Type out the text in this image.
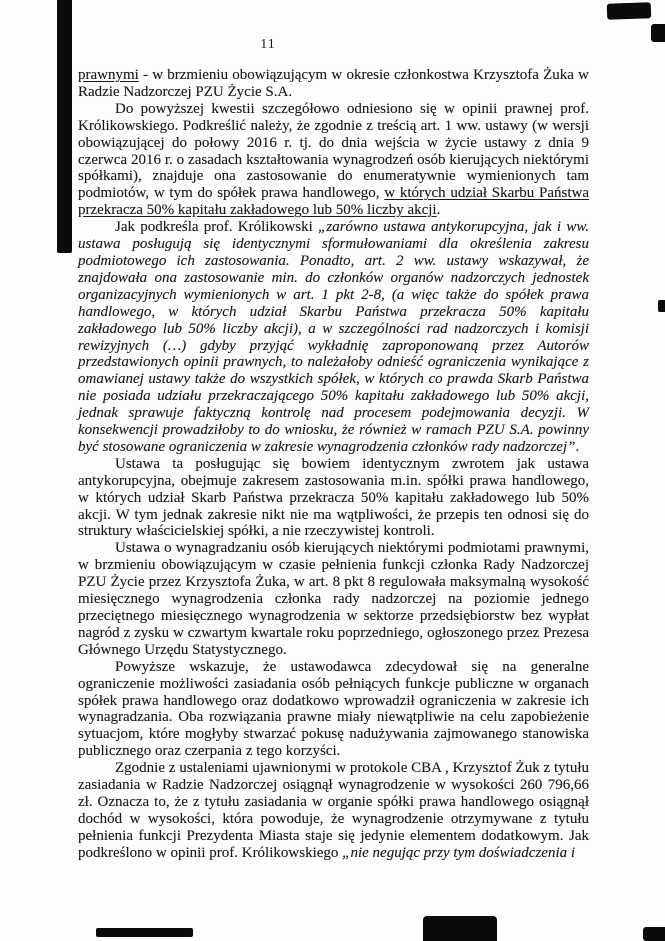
11

prawnymi - w brzmieniu obowiązującym w okresie członkostwa Krzysztofa Żuka w Radzie Nadzorczej PZU Życie S.A.

Do powyższej kwestii szczegółowo odniesiono się w opinii prawnej prof. Królikowskiego. Podkreślić należy, że zgodnie z treścią art. 1 ww. ustawy (w wersji obowiązującej do połowy 2016 r. tj. do dnia wejścia w życie ustawy z dnia 9 czerwca 2016 r. o zasadach kształtowania wynagrodzeń osób kierujących niektórymi spółkami), znajduje ona zastosowanie do enumeratywnie wymienionych tam podmiotów, w tym do spółek prawa handlowego, w których udział Skarbu Państwa przekracza 50% kapitału zakładowego lub 50% liczby akcji.

Jak podkreśla prof. Królikowski „zarówno ustawa antykorupcyjna, jak i ww. ustawa posługują się identycznymi sformułowaniami dla określenia zakresu podmiotowego ich zastosowania. Ponadto, art. 2 ww. ustawy wskazywał, że znajdowała ona zastosowanie min. do członków organów nadzorczych jednostek organizacyjnych wymienionych w art. 1 pkt 2-8, (a więc także do spółek prawa handlowego, w których udział Skarbu Państwa przekracza 50% kapitału zakładowego lub 50% liczby akcji), a w szczególności rad nadzorczych i komisji rewizyjnych (…) gdyby przyjąć wykładnię zaproponowaną przez Autorów przedstawionych opinii prawnych, to należałoby odnieść ograniczenia wynikające z omawianej ustawy także do wszystkich spółek, w których co prawda Skarb Państwa nie posiada udziału przekraczającego 50% kapitału zakładowego lub 50% akcji, jednak sprawuje faktyczną kontrolę nad procesem podejmowania decyzji. W konsekwencji prowadziłoby to do wniosku, że również w ramach PZU S.A. powinny być stosowane ograniczenia w zakresie wynagrodzenia członków rady nadzorczej”.

Ustawa ta posługując się bowiem identycznym zwrotem jak ustawa antykorupcyjna, obejmuje zakresem zastosowania m.in. spółki prawa handlowego, w których udział Skarb Państwa przekracza 50% kapitału zakładowego lub 50% akcji. W tym jednak zakresie nikt nie ma wątpliwości, że przepis ten odnosi się do struktury właścicielskiej spółki, a nie rzeczywistej kontroli.

Ustawa o wynagradzaniu osób kierujących niektórymi podmiotami prawnymi, w brzmieniu obowiązującym w czasie pełnienia funkcji członka Rady Nadzorczej PZU Życie przez Krzysztofa Żuka, w art. 8 pkt 8 regulowała maksymalną wysokość miesięcznego wynagrodzenia członka rady nadzorczej na poziomie jednego przeciętnego miesięcznego wynagrodzenia w sektorze przedsiębiorstw bez wypłat nagród z zysku w czwartym kwartale roku poprzedniego, ogłoszonego przez Prezesa Głównego Urzędu Statystycznego.

Powyższe wskazuje, że ustawodawca zdecydował się na generalne ograniczenie możliwości zasiadania osób pełniących funkcje publiczne w organach spółek prawa handlowego oraz dodatkowo wprowadził ograniczenia w zakresie ich wynagradzania. Oba rozwiązania prawne miały niewątpliwie na celu zapobieżenie sytuacjom, które mogłyby stwarzać pokusę nadużywania zajmowanego stanowiska publicznego oraz czerpania z tego korzyści.

Zgodnie z ustaleniami ujawnionymi w protokole CBA , Krzysztof Żuk z tytułu zasiadania w Radzie Nadzorczej osiągnął wynagrodzenie w wysokości 260 796,66 zł. Oznacza to, że z tytułu zasiadania w organie spółki prawa handlowego osiągnął dochód w wysokości, która powoduje, że wynagrodzenie otrzymywane z tytułu pełnienia funkcji Prezydenta Miasta staje się jedynie elementem dodatkowym. Jak podkreślono w opinii prof. Królikowskiego „nie negując przy tym doświadczenia i
